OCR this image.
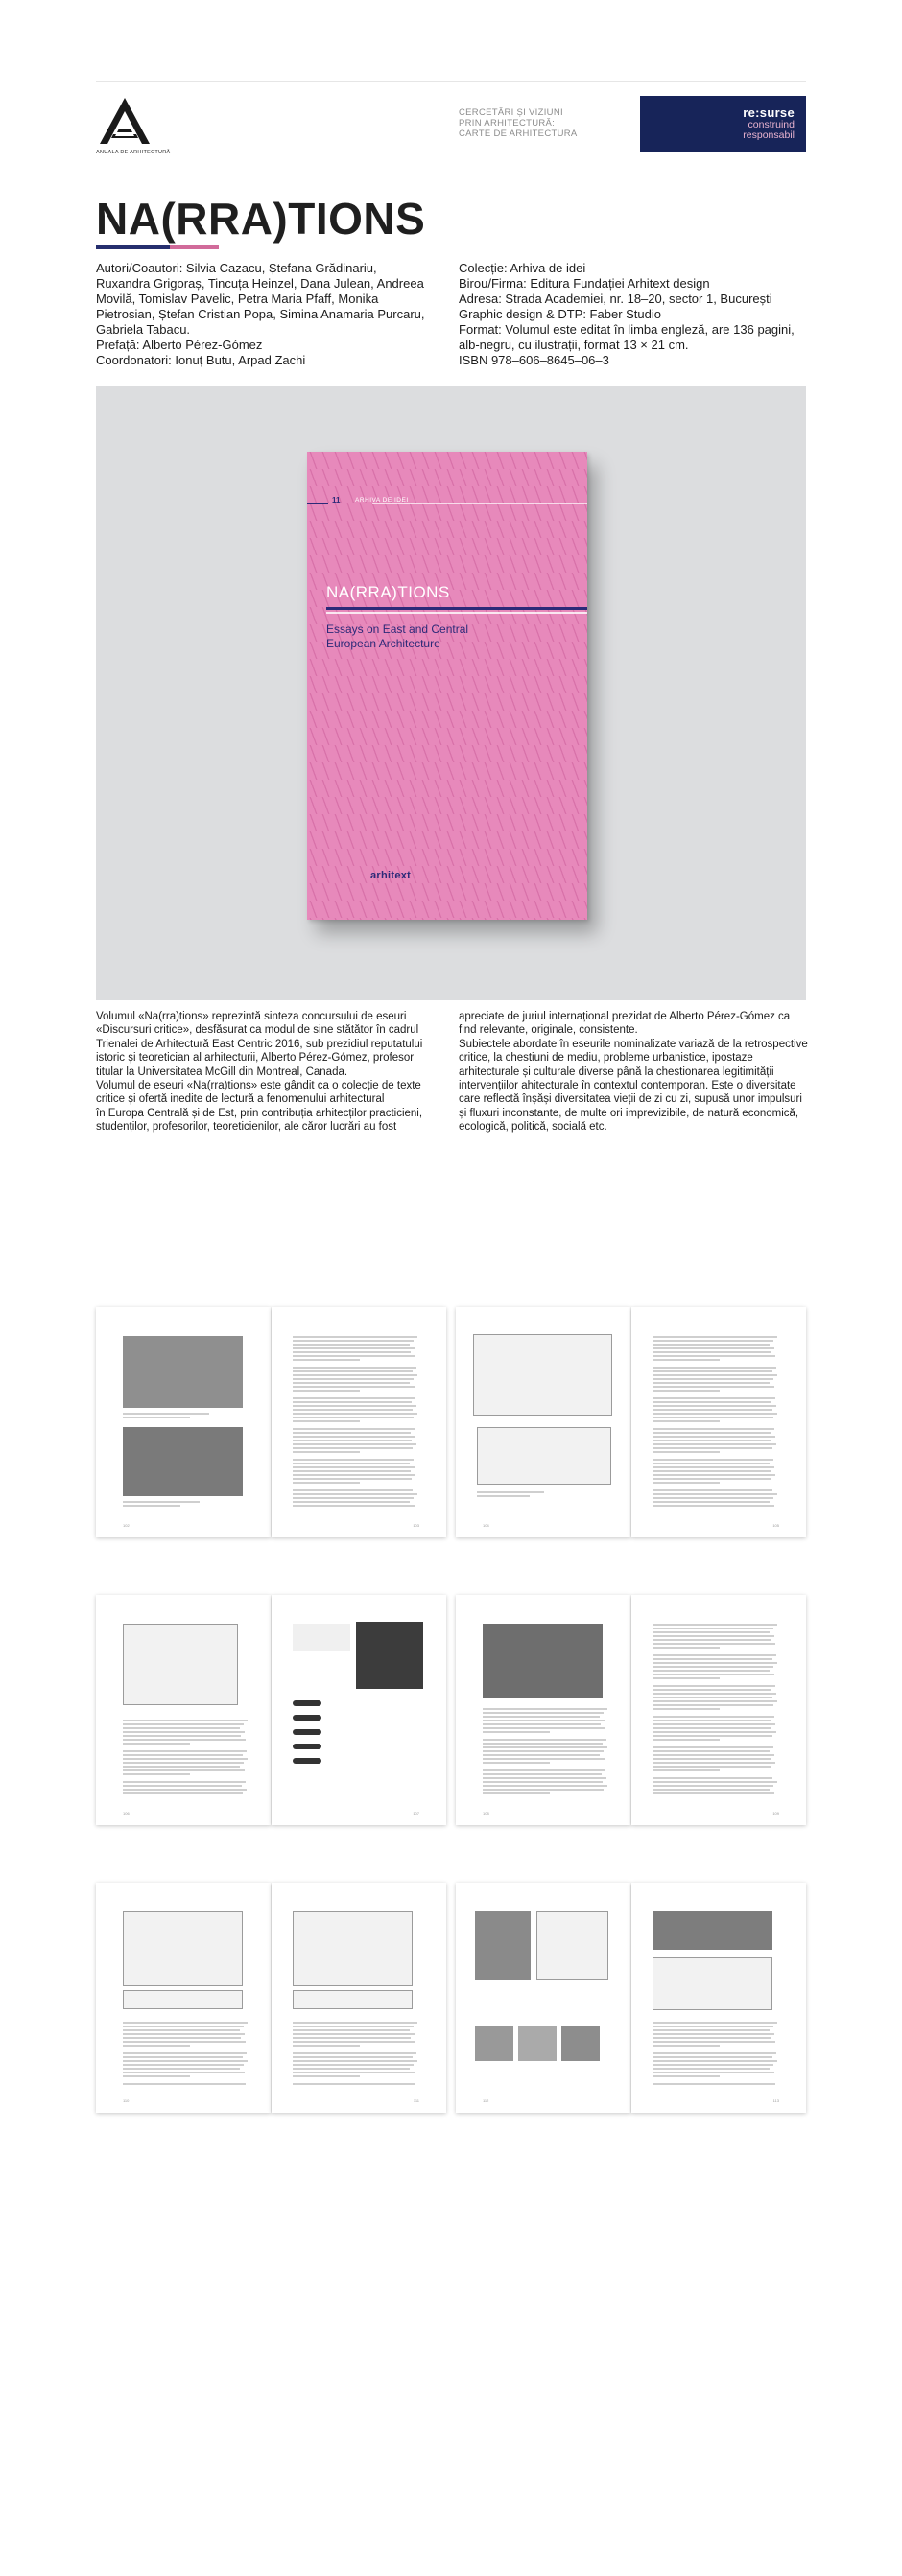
ANUALA DE ARHITECTURĂ
CERCETĂRI ȘI VIZIUNI
PRIN ARHITECTURĂ:
CARTE DE ARHITECTURĂ
re:surse
construind
responsabil
NA(RRA)TIONS
Autori/Coautori: Silvia Cazacu, Ștefana Grădinariu,
Ruxandra Grigoraș, Tincuța Heinzel, Dana Julean, Andreea
Movilă, Tomislav Pavelic, Petra Maria Pfaff, Monika
Pietrosian, Ștefan Cristian Popa, Simina Anamaria Purcaru,
Gabriela Tabacu.
Prefață: Alberto Pérez-Gómez
Coordonatori: Ionuț Butu, Arpad Zachi
Colecție: Arhiva de idei
Birou/Firma: Editura Fundației Arhitext design
Adresa: Strada Academiei, nr. 18–20, sector 1, București
Graphic design & DTP: Faber Studio
Format: Volumul este editat în limba engleză, are 136 pagini,
alb-negru, cu ilustrații, format 13 × 21 cm.
ISBN 978–606–8645–06–3
11 ARHIVA DE IDEI
NA(RRA)TIONS
Essays on East and Central European Architecture
arhitext
Volumul «Na(rra)tions» reprezintă sinteza concursului de eseuri
«Discursuri critice», desfășurat ca modul de sine stătător în cadrul
Trienalei de Arhitectură East Centric 2016, sub prezidiul reputatului
istoric și teoretician al arhitecturii, Alberto Pérez-Gómez, profesor
titular la Universitatea McGill din Montreal, Canada.
Volumul de eseuri «Na(rra)tions» este gândit ca o colecție de texte
critice și ofertă inedite de lectură a fenomenului arhitectural
în Europa Centrală și de Est, prin contribuția arhitecților practicieni,
studenților, profesorilor, teoreticienilor, ale căror lucrări au fost
apreciate de juriul internațional prezidat de Alberto Pérez-Gómez ca
find relevante, originale, consistente.
Subiectele abordate în eseurile nominalizate variază de la retrospective
critice, la chestiuni de mediu, probleme urbanistice, ipostaze
arhitecturale și culturale diverse până la chestionarea legitimității
intervențiilor ahitecturale în contextul contemporan. Este o diversitate
care reflectă înșăși diversitatea vieții de zi cu zi, supusă unor impulsuri
și fluxuri inconstante, de multe ori imprevizibile, de natură economică,
ecologică, politică, socială etc.
102	103	104	105
106	107	108	109
110	111	112	113
